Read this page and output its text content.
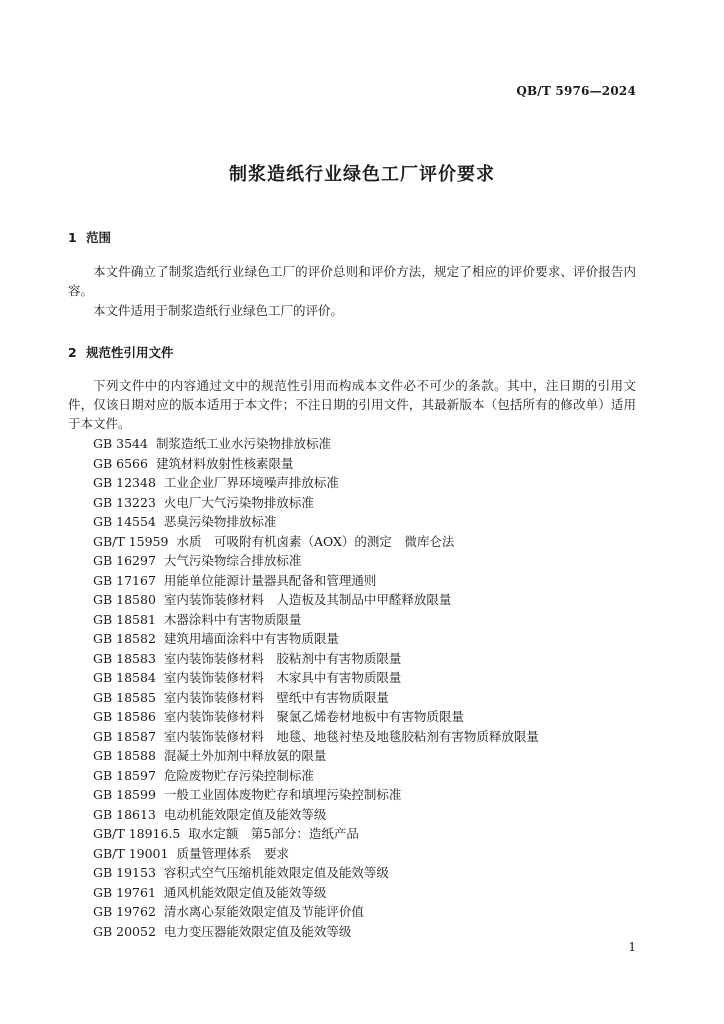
QB/T 5976—2024
制浆造纸行业绿色工厂评价要求
1 范围

本文件确立了制浆造纸行业绿色工厂的评价总则和评价方法，规定了相应的评价要求、评价报告内容。

本文件适用于制浆造纸行业绿色工厂的评价。

2 规范性引用文件

下列文件中的内容通过文中的规范性引用而构成本文件必不可少的条款。其中，注日期的引用文件，仅该日期对应的版本适用于本文件；不注日期的引用文件，其最新版本（包括所有的修改单）适用于本文件。

GB 3544 制浆造纸工业水污染物排放标准
GB 6566 建筑材料放射性核素限量
GB 12348 工业企业厂界环境噪声排放标准
GB 13223 火电厂大气污染物排放标准
GB 14554 恶臭污染物排放标准
GB/T 15959 水质　可吸附有机卤素（AOX）的测定　微库仑法
GB 16297 大气污染物综合排放标准
GB 17167 用能单位能源计量器具配备和管理通则
GB 18580 室内装饰装修材料　人造板及其制品中甲醛释放限量
GB 18581 木器涂料中有害物质限量
GB 18582 建筑用墙面涂料中有害物质限量
GB 18583 室内装饰装修材料　胶粘剂中有害物质限量
GB 18584 室内装饰装修材料　木家具中有害物质限量
GB 18585 室内装饰装修材料　壁纸中有害物质限量
GB 18586 室内装饰装修材料　聚氯乙烯卷材地板中有害物质限量
GB 18587 室内装饰装修材料　地毯、地毯衬垫及地毯胶粘剂有害物质释放限量
GB 18588 混凝土外加剂中释放氨的限量
GB 18597 危险废物贮存污染控制标准
GB 18599 一般工业固体废物贮存和填埋污染控制标准
GB 18613 电动机能效限定值及能效等级
GB/T 18916.5 取水定额　第5部分：造纸产品
GB/T 19001 质量管理体系　要求
GB 19153 容积式空气压缩机能效限定值及能效等级
GB 19761 通风机能效限定值及能效等级
GB 19762 清水离心泵能效限定值及节能评价值
GB 20052 电力变压器能效限定值及能效等级
1
